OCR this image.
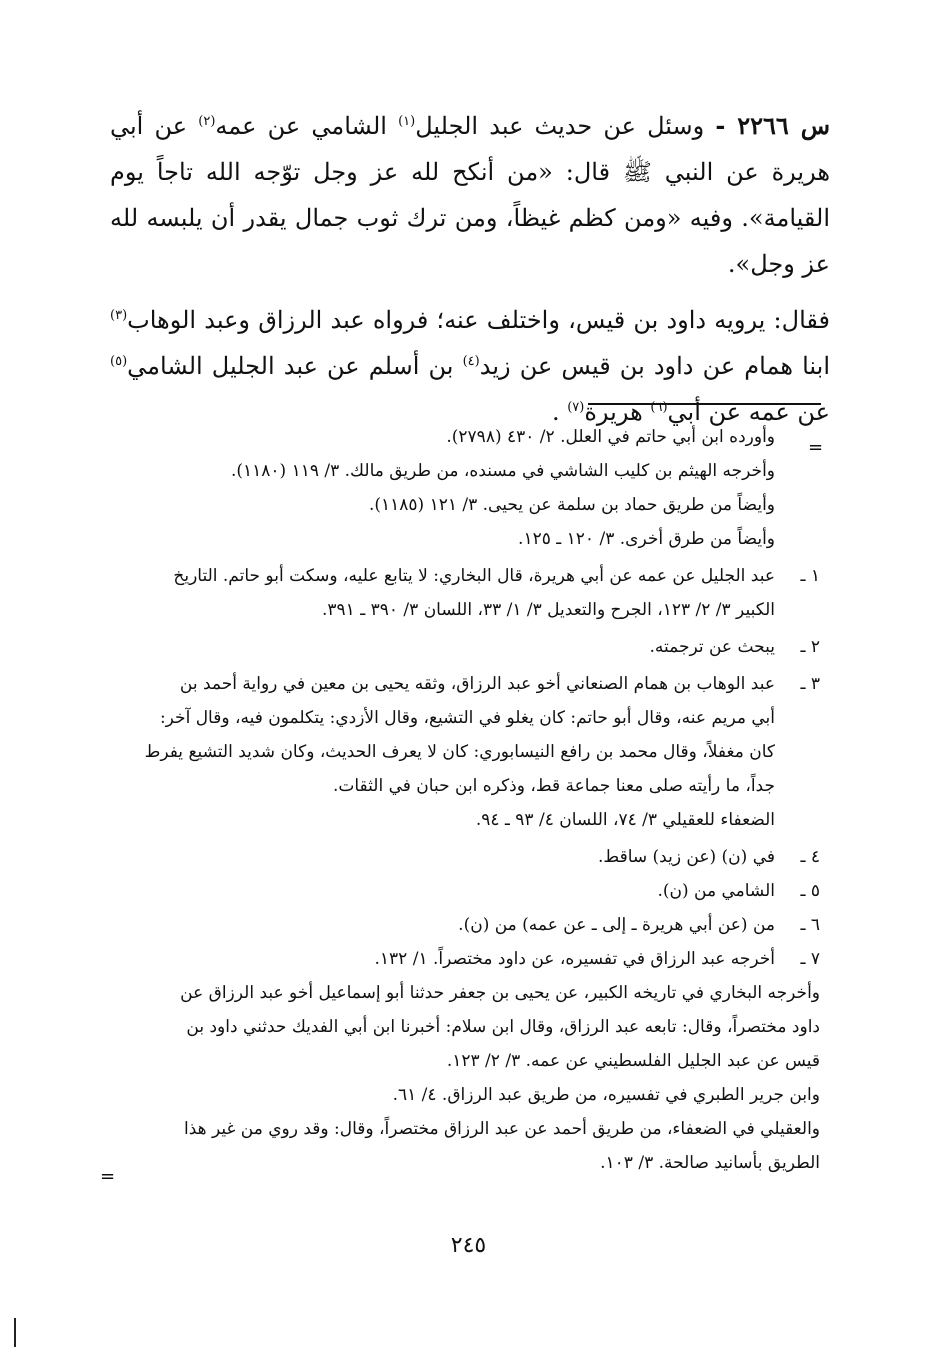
س ٢٢٦٦ - وسئل عن حديث عبد الجليل$^{(١)}$ الشامي عن عمه$^{(٢)}$ عن أبي هريرة عن النبي ﷺ قال: «من أنكح لله عز وجل توّجه الله تاجاً يوم القيامة». وفيه «ومن كظم غيظاً، ومن ترك ثوب جمال يقدر أن يلبسه لله عز وجل».

فقال: يرويه داود بن قيس، واختلف عنه؛ فرواه عبد الرزاق وعبد الوهاب$^{(٣)}$ ابنا همام عن داود بن قيس عن زيد$^{(٤)}$ بن أسلم عن عبد الجليل الشامي$^{(٥)}$ عن عمه عن أبي$^{(٦)}$ هريرة$^{(٧)}$ .

=
وأورده ابن أبي حاتم في العلل. ٢/ ٤٣٠ (٢٧٩٨).
وأخرجه الهيثم بن كليب الشاشي في مسنده، من طريق مالك. ٣/ ١١٩ (١١٨٠).
وأيضاً من طريق حماد بن سلمة عن يحيى. ٣/ ١٢١ (١١٨٥).
وأيضاً من طرق أخرى. ٣/ ١٢٠ ـ ١٢٥.
١ ـ
عبد الجليل عن عمه عن أبي هريرة، قال البخاري: لا يتابع عليه، وسكت أبو حاتم. التاريخ
الكبير ٣/ ٢/ ١٢٣، الجرح والتعديل ٣/ ١/ ٣٣، اللسان ٣/ ٣٩٠ ـ ٣٩١.
٢ ـ
يبحث عن ترجمته.
٣ ـ
عبد الوهاب بن همام الصنعاني أخو عبد الرزاق، وثقه يحيى بن معين في رواية أحمد بن
أبي مريم عنه، وقال أبو حاتم: كان يغلو في التشيع، وقال الأزدي: يتكلمون فيه، وقال آخر:
كان مغفلاً، وقال محمد بن رافع النيسابوري: كان لا يعرف الحديث، وكان شديد التشيع يفرط
جداً، ما رأيته صلى معنا جماعة قط، وذكره ابن حبان في الثقات.
الضعفاء للعقيلي ٣/ ٧٤، اللسان ٤/ ٩٣ ـ ٩٤.
٤ ـ
في (ن) (عن زيد) ساقط.
٥ ـ
الشامي من (ن).
٦ ـ
من (عن أبي هريرة ـ إلى ـ عن عمه) من (ن).
٧ ـ
أخرجه عبد الرزاق في تفسيره، عن داود مختصراً. ١/ ١٣٢.
وأخرجه البخاري في تاريخه الكبير، عن يحيى بن جعفر حدثنا أبو إسماعيل أخو عبد الرزاق عن
داود مختصراً، وقال: تابعه عبد الرزاق، وقال ابن سلام: أخبرنا ابن أبي الفديك حدثني داود بن
قيس عن عبد الجليل الفلسطيني عن عمه. ٣/ ٢/ ١٢٣.
وابن جرير الطبري في تفسيره، من طريق عبد الرزاق. ٤/ ٦١.
والعقيلي في الضعفاء، من طريق أحمد عن عبد الرزاق مختصراً، وقال: وقد روي من غير هذا
الطريق بأسانيد صالحة. ٣/ ١٠٣.
=
٢٤٥
